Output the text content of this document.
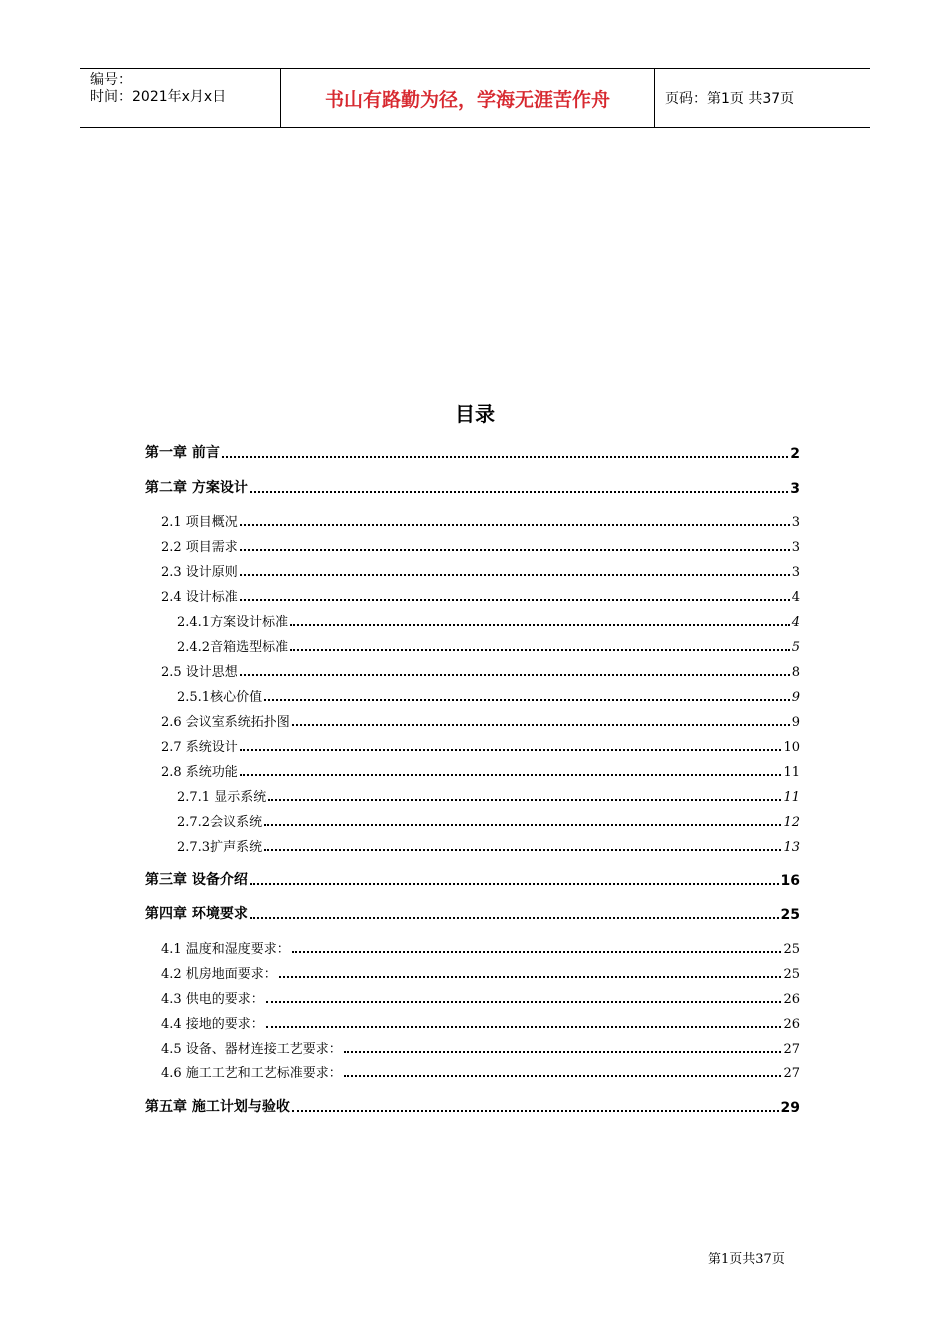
编号：
时间：2021年x月x日	书山有路勤为径，学海无涯苦作舟	页码：第1页 共37页
目录
第一章 前言	2
第二章 方案设计	3
2.1 项目概况	3
2.2 项目需求	3
2.3 设计原则	3
2.4 设计标准	4
2.4.1方案设计标准	4
2.4.2音箱选型标准	5
2.5 设计思想	8
2.5.1核心价值	9
2.6 会议室系统拓扑图	9
2.7 系统设计	10
2.8 系统功能	11
2.7.1 显示系统	11
2.7.2会议系统	12
2.7.3扩声系统	13
第三章 设备介绍	16
第四章 环境要求	25
4.1 温度和湿度要求：	25
4.2 机房地面要求：	25
4.3 供电的要求：	26
4.4 接地的要求：	26
4.5 设备、器材连接工艺要求：	27
4.6 施工工艺和工艺标准要求：	27
第五章 施工计划与验收	29
第1页共37页
